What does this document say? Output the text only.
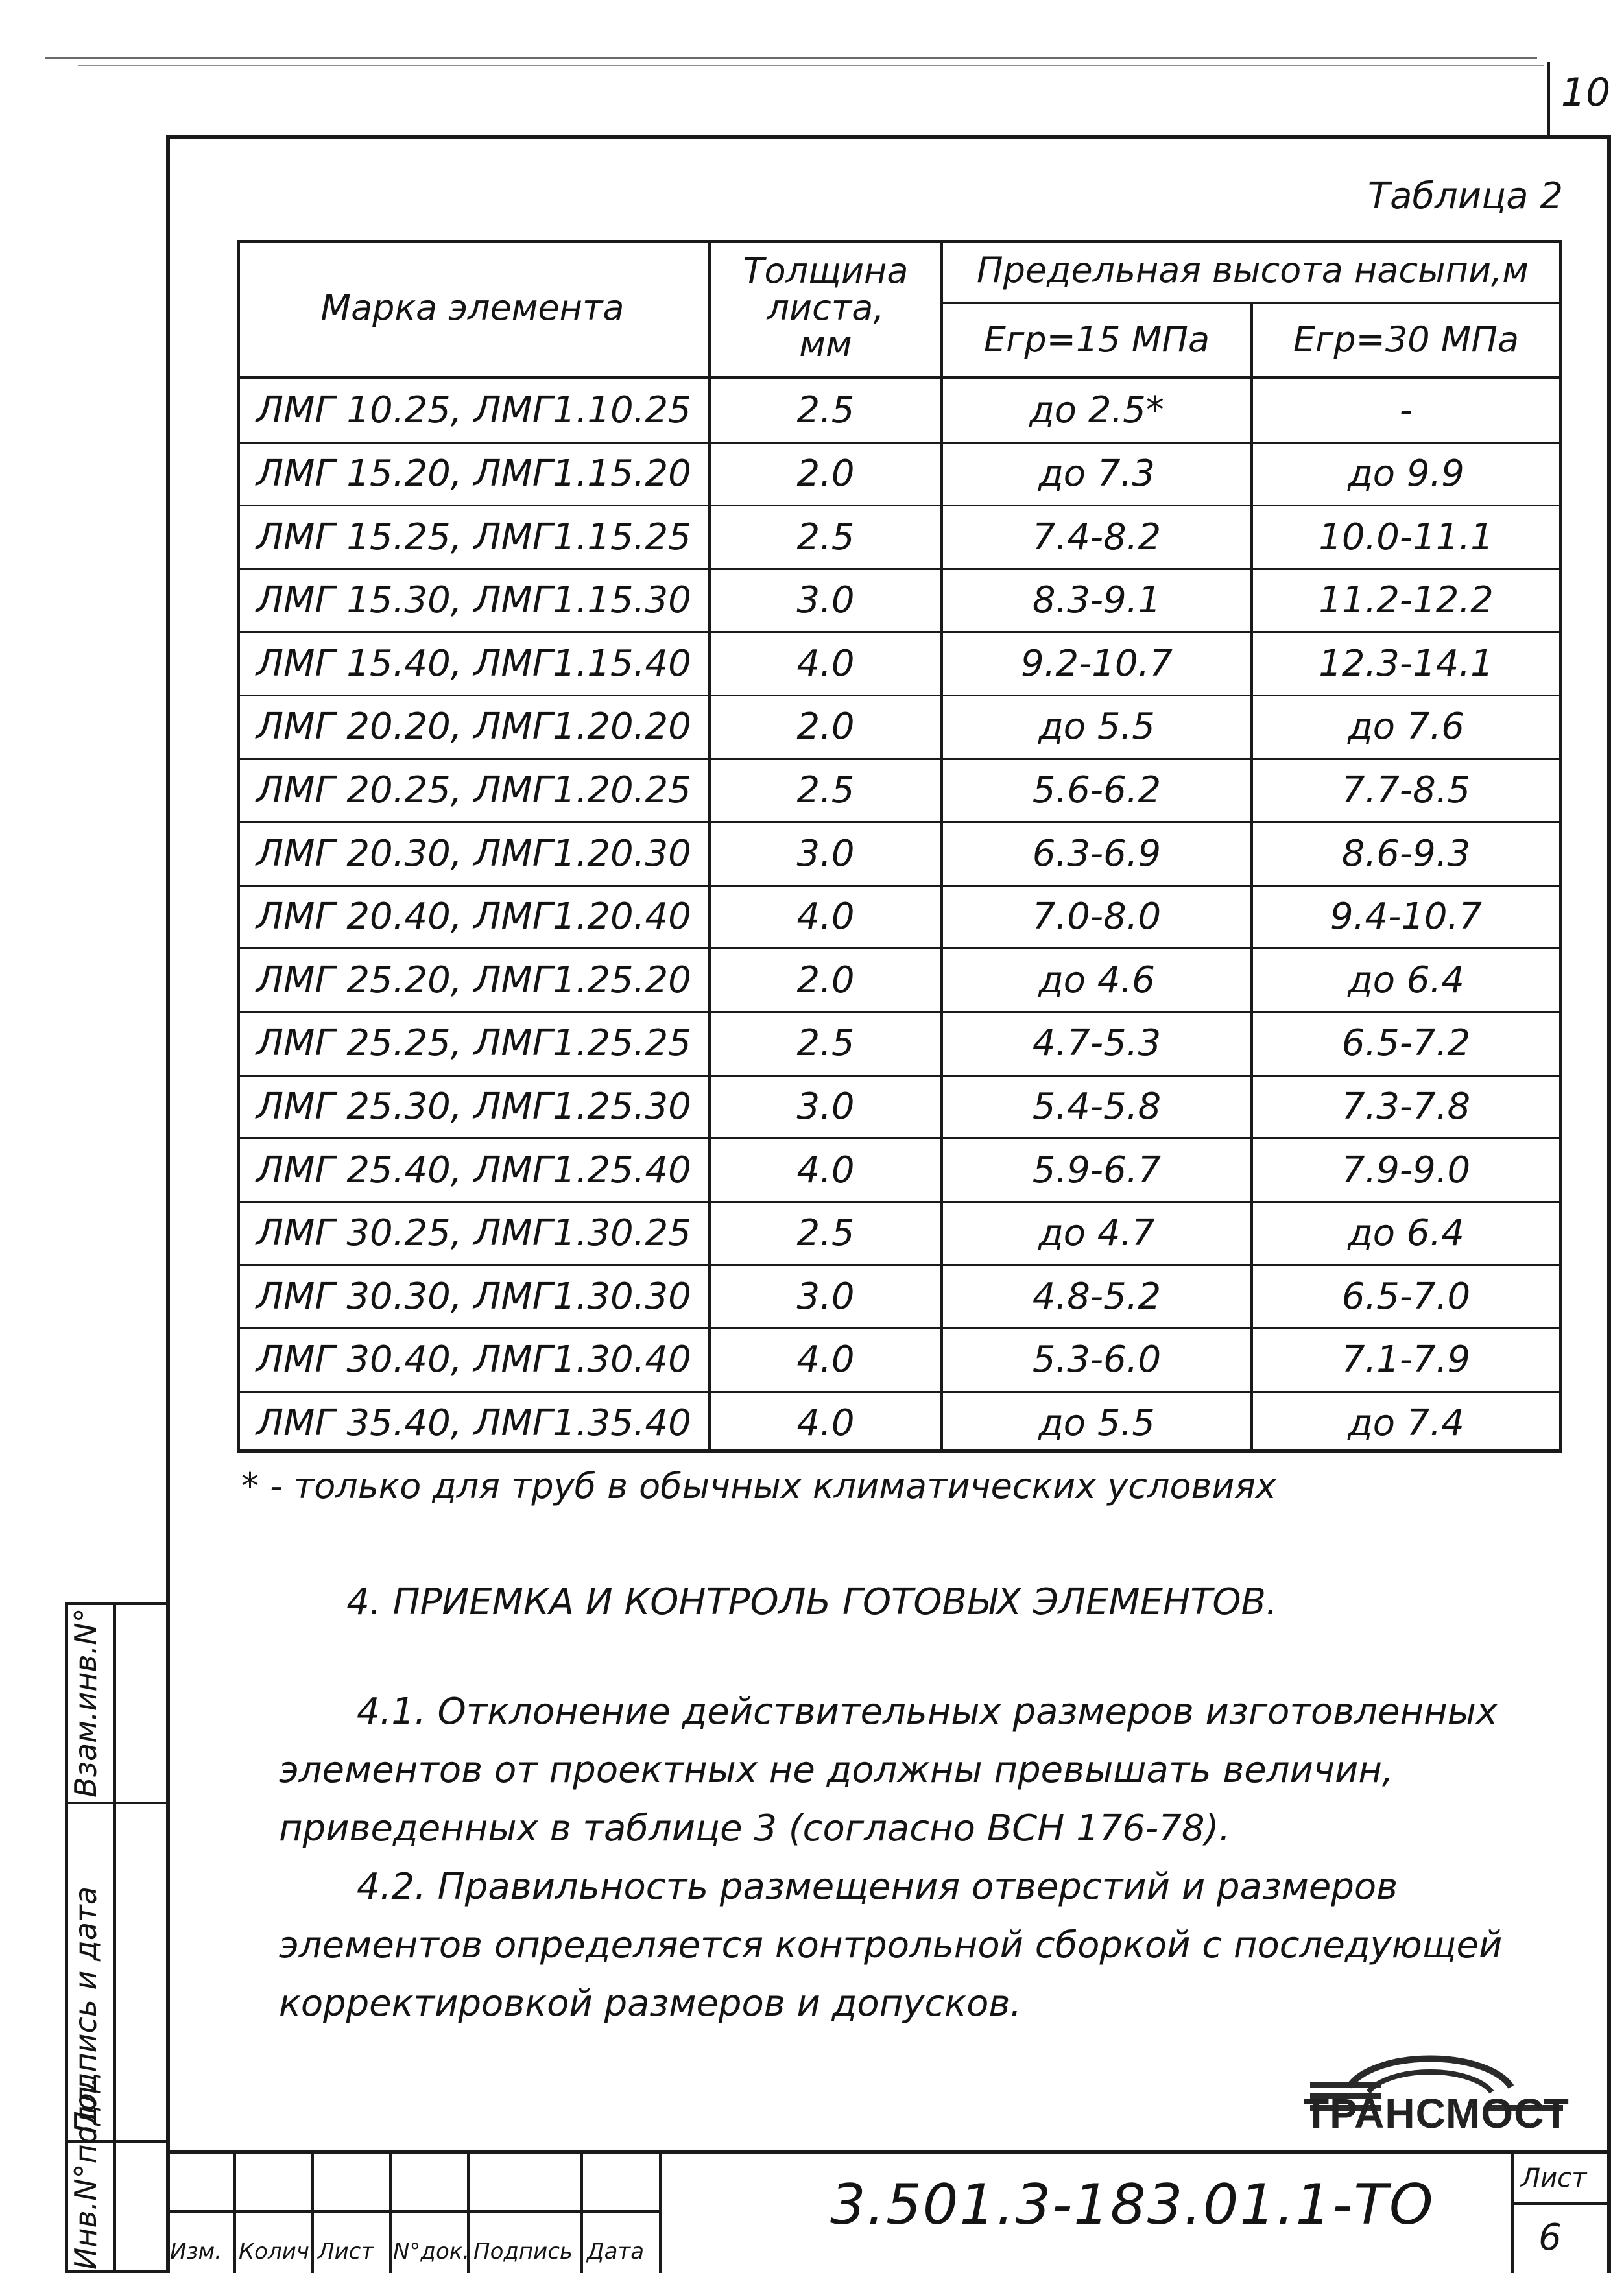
10
Таблица 2
Марка элемента
Толщина листа, мм
Предельная высота насыпи,м
Eгр=15 МПа	Eгр=30 МПа
ЛМГ 10.25, ЛМГ1.10.25	2.5	до 2.5*	-
ЛМГ 15.20, ЛМГ1.15.20	2.0	до 7.3	до 9.9
ЛМГ 15.25, ЛМГ1.15.25	2.5	7.4-8.2	10.0-11.1
ЛМГ 15.30, ЛМГ1.15.30	3.0	8.3-9.1	11.2-12.2
ЛМГ 15.40, ЛМГ1.15.40	4.0	9.2-10.7	12.3-14.1
ЛМГ 20.20, ЛМГ1.20.20	2.0	до 5.5	до 7.6
ЛМГ 20.25, ЛМГ1.20.25	2.5	5.6-6.2	7.7-8.5
ЛМГ 20.30, ЛМГ1.20.30	3.0	6.3-6.9	8.6-9.3
ЛМГ 20.40, ЛМГ1.20.40	4.0	7.0-8.0	9.4-10.7
ЛМГ 25.20, ЛМГ1.25.20	2.0	до 4.6	до 6.4
ЛМГ 25.25, ЛМГ1.25.25	2.5	4.7-5.3	6.5-7.2
ЛМГ 25.30, ЛМГ1.25.30	3.0	5.4-5.8	7.3-7.8
ЛМГ 25.40, ЛМГ1.25.40	4.0	5.9-6.7	7.9-9.0
ЛМГ 30.25, ЛМГ1.30.25	2.5	до 4.7	до 6.4
ЛМГ 30.30, ЛМГ1.30.30	3.0	4.8-5.2	6.5-7.0
ЛМГ 30.40, ЛМГ1.30.40	4.0	5.3-6.0	7.1-7.9
ЛМГ 35.40, ЛМГ1.35.40	4.0	до 5.5	до 7.4
* - только для труб в обычных климатических условиях
4. ПРИЕМКА И КОНТРОЛЬ ГОТОВЫХ ЭЛЕМЕНТОВ.
4.1. Отклонение действительных размеров изготовленных
элементов от проектных не должны превышать величин,
приведенных в таблице 3 (согласно ВСН 176-78).
4.2. Правильность размещения отверстий и размеров
элементов определяется контрольной сборкой с последующей
корректировкой размеров и допусков.
Взам.инв.N°
Подпись и дата
Инв.N°подл.	ТРАНСМОСТ
Изм. Колич Лист N°док. Подпись Дата
3.501.3-183.01.1-ТО	Лист
6
